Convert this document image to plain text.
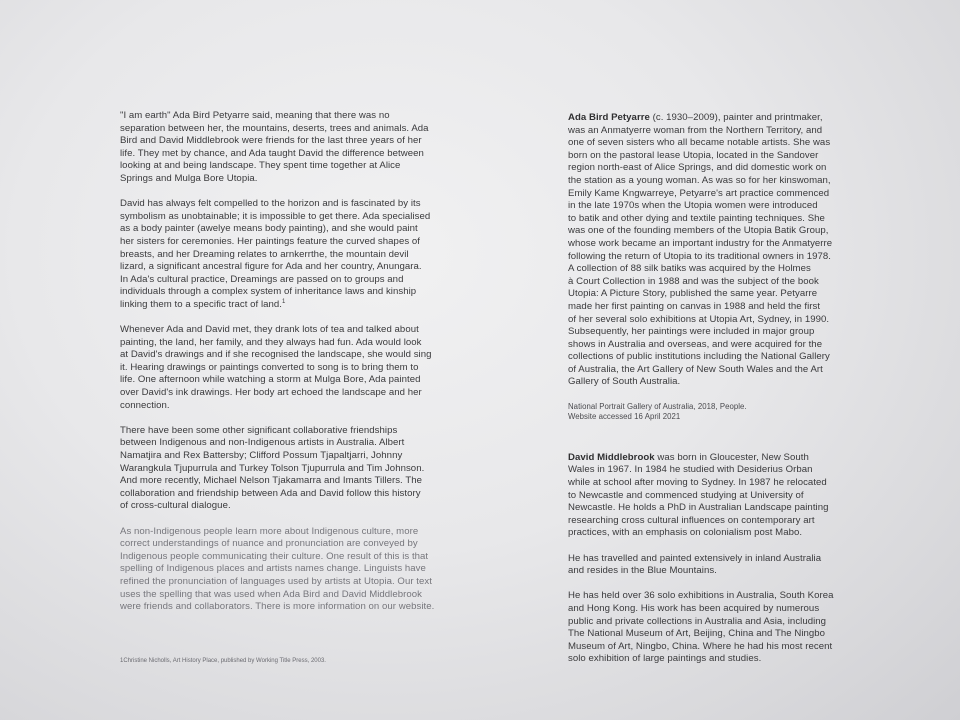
"I am earth" Ada Bird Petyarre said, meaning that there was no
separation between her, the mountains, deserts, trees and animals. Ada
Bird and David Middlebrook were friends for the last three years of her
life. They met by chance, and Ada taught David the difference between
looking at and being landscape. They spent time together at Alice
Springs and Mulga Bore Utopia.

David has always felt compelled to the horizon and is fascinated by its
symbolism as unobtainable; it is impossible to get there. Ada specialised
as a body painter (awelye means body painting), and she would paint
her sisters for ceremonies. Her paintings feature the curved shapes of
breasts, and her Dreaming relates to arnkerrthe, the mountain devil
lizard, a significant ancestral figure for Ada and her country, Anungara.
In Ada's cultural practice, Dreamings are passed on to groups and
individuals through a complex system of inheritance laws and kinship
linking them to a specific tract of land.$^1$

Whenever Ada and David met, they drank lots of tea and talked about
painting, the land, her family, and they always had fun. Ada would look
at David's drawings and if she recognised the landscape, she would sing
it. Hearing drawings or paintings converted to song is to bring them to
life. One afternoon while watching a storm at Mulga Bore, Ada painted
over David's ink drawings. Her body art echoed the landscape and her
connection.

There have been some other significant collaborative friendships
between Indigenous and non-Indigenous artists in Australia. Albert
Namatjira and Rex Battersby; Clifford Possum Tjapaltjarri, Johnny
Warangkula Tjupurrula and Turkey Tolson Tjupurrula and Tim Johnson.
And more recently, Michael Nelson Tjakamarra and Imants Tillers. The
collaboration and friendship between Ada and David follow this history
of cross-cultural dialogue.

As non-Indigenous people learn more about Indigenous culture, more
correct understandings of nuance and pronunciation are conveyed by
Indigenous people communicating their culture. One result of this is that
spelling of Indigenous places and artists names change. Linguists have
refined the pronunciation of languages used by artists at Utopia. Our text
uses the spelling that was used when Ada Bird and David Middlebrook
were friends and collaborators. There is more information on our website.

1Christine Nicholls, Art History Place, published by Working Title Press, 2003.

Ada Bird Petyarre (c. 1930–2009), painter and printmaker,
was an Anmatyerre woman from the Northern Territory, and
one of seven sisters who all became notable artists. She was
born on the pastoral lease Utopia, located in the Sandover
region north-east of Alice Springs, and did domestic work on
the station as a young woman. As was so for her kinswoman,
Emily Kame Kngwarreye, Petyarre's art practice commenced
in the late 1970s when the Utopia women were introduced
to batik and other dying and textile painting techniques. She
was one of the founding members of the Utopia Batik Group,
whose work became an important industry for the Anmatyerre
following the return of Utopia to its traditional owners in 1978.
A collection of 88 silk batiks was acquired by the Holmes
à Court Collection in 1988 and was the subject of the book
Utopia: A Picture Story, published the same year. Petyarre
made her first painting on canvas in 1988 and held the first
of her several solo exhibitions at Utopia Art, Sydney, in 1990.
Subsequently, her paintings were included in major group
shows in Australia and overseas, and were acquired for the
collections of public institutions including the National Gallery
of Australia, the Art Gallery of New South Wales and the Art
Gallery of South Australia.

National Portrait Gallery of Australia, 2018, People.
Website accessed 16 April 2021

David Middlebrook was born in Gloucester, New South
Wales in 1967. In 1984 he studied with Desiderius Orban
while at school after moving to Sydney. In 1987 he relocated
to Newcastle and commenced studying at University of
Newcastle. He holds a PhD in Australian Landscape painting
researching cross cultural influences on contemporary art
practices, with an emphasis on colonialism post Mabo.

He has travelled and painted extensively in inland Australia
and resides in the Blue Mountains.

He has held over 36 solo exhibitions in Australia, South Korea
and Hong Kong. His work has been acquired by numerous
public and private collections in Australia and Asia, including
The National Museum of Art, Beijing, China and The Ningbo
Museum of Art, Ningbo, China. Where he had his most recent
solo exhibition of large paintings and studies.
